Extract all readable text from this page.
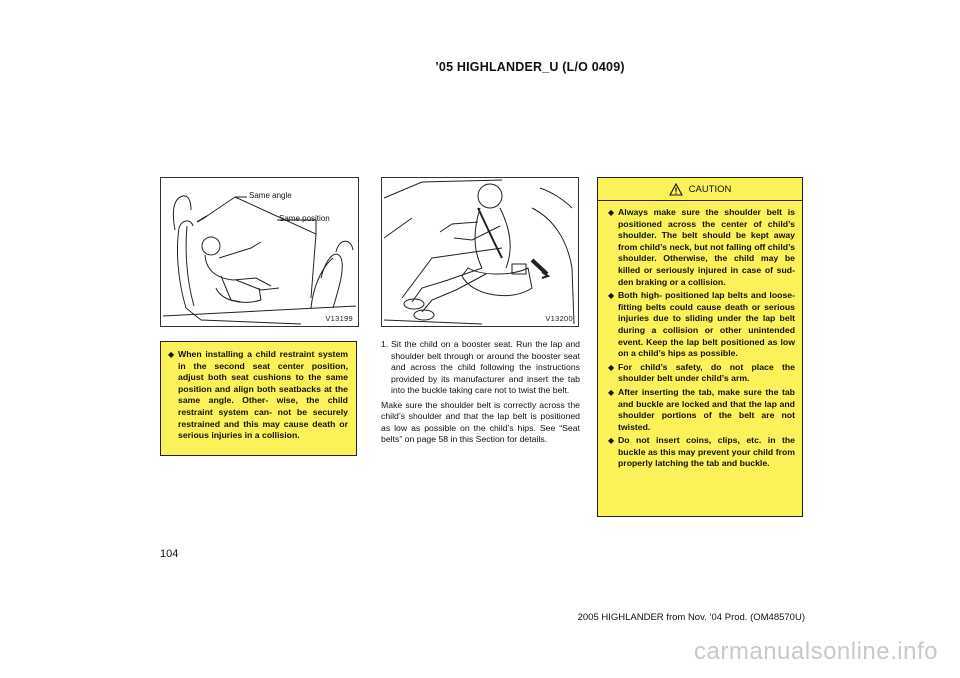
’05 HIGHLANDER_U (L/O 0409)
Same angle
Same position
V13199	V13200
◆ When installing a child restraint system in the second seat center position, adjust both seat cushions to the same position and align both seatbacks at the same angle. Other- wise, the child restraint system can- not be securely restrained and this may cause death or serious injuries in a collision.
1. Sit the child on a booster seat. Run the lap and shoulder belt through or around the booster seat and across the child following the instructions provided by its manufacturer and insert the tab into the buckle taking care not to twist the belt.
Make sure the shoulder belt is correctly across the child’s shoulder and that the lap belt is positioned as low as possible on the child’s hips. See “Seat belts” on page 58 in this Section for details.
CAUTION
◆ Always make sure the shoulder belt is positioned across the center of child’s shoulder. The belt should be kept away from child’s neck, but not falling off child’s shoulder. Otherwise, the child may be killed or seriously injured in case of sud- den braking or a collision.
◆ Both high- positioned lap belts and loose- fitting belts could cause death or serious injuries due to sliding under the lap belt during a collision or other unintended event. Keep the lap belt positioned as low on a child’s hips as possible.
◆ For child’s safety, do not place the shoulder belt under child’s arm.
◆ After inserting the tab, make sure the tab and buckle are locked and that the lap and shoulder portions of the belt are not twisted.
◆ Do not insert coins, clips, etc. in the buckle as this may prevent your child from properly latching the tab and buckle.
104
2005 HIGHLANDER from Nov. ’04 Prod. (OM48570U)
carmanualsonline.info
